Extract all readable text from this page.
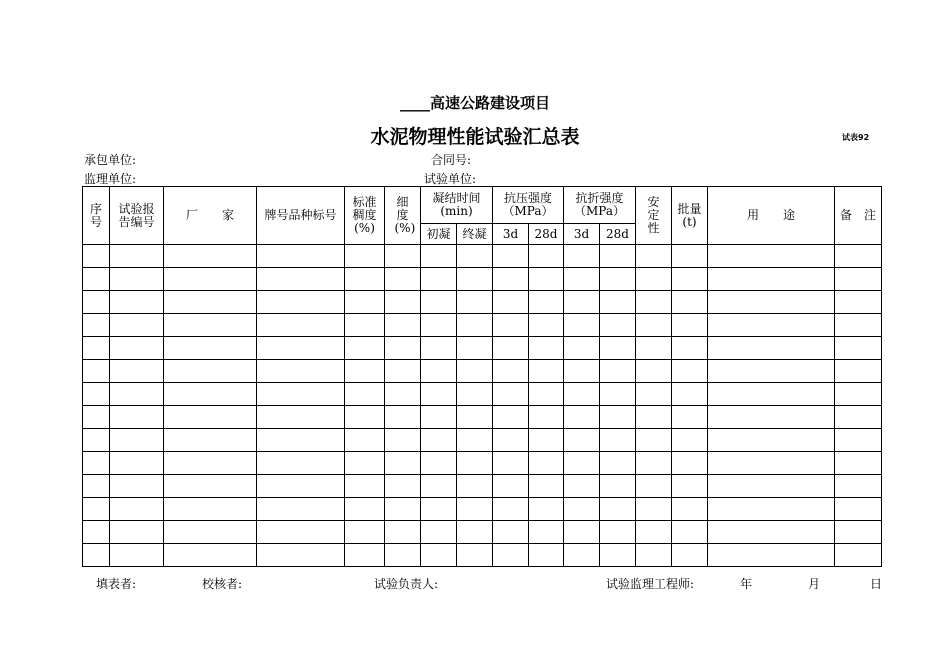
____高速公路建设项目
水泥物理性能试验汇总表	试表92
承包单位:	合同号:
监理单位:	试验单位:
序号	试验报告编号	厂　　家	牌号品种标号	标准稠度(%)	细度(%)	凝结时间(min)		抗压强度（MPa）		抗折强度（MPa）		安定性	批量(t)	用　　途	备　注
						初凝	终凝	3d	28d	3d	28d				

填表者:	校核者:	试验负责人:	试验监理工程师:	年	月	日
